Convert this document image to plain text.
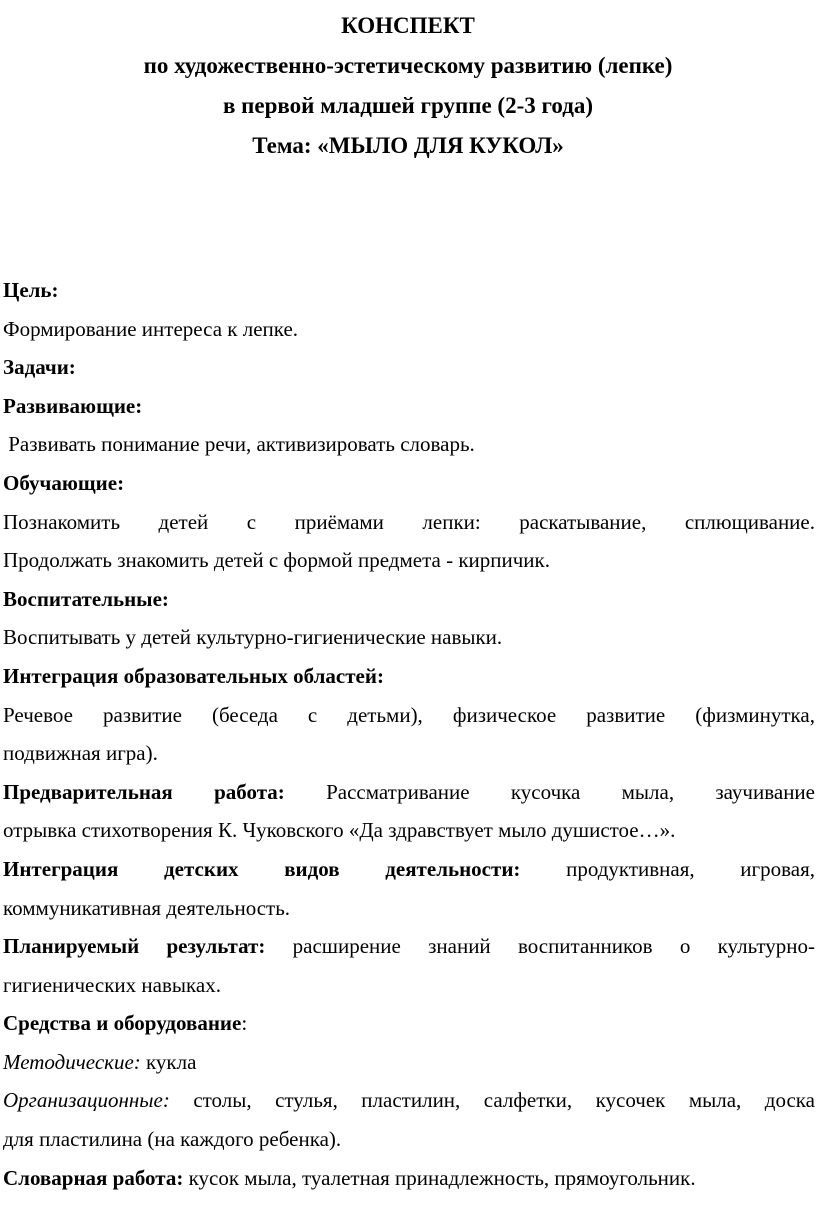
КОНСПЕКТ
по художественно-эстетическому развитию (лепке)
в первой младшей группе (2-3 года)
Тема: «МЫЛО ДЛЯ КУКОЛ»
Цель:
Формирование интереса к лепке.
Задачи:
Развивающие:
Развивать понимание речи, активизировать словарь.
Обучающие:
Познакомить детей с приёмами лепки: раскатывание, сплющивание.
Продолжать знакомить детей с формой предмета - кирпичик.
Воспитательные:
Воспитывать у детей культурно-гигиенические навыки.
Интеграция образовательных областей:
Речевое развитие (беседа с детьми), физическое развитие (физминутка,
подвижная игра).
Предварительная работа: Рассматривание кусочка мыла, заучивание
отрывка стихотворения К. Чуковского «Да здравствует мыло душистое…».
Интеграция детских видов деятельности: продуктивная, игровая,
коммуникативная деятельность.
Планируемый результат: расширение знаний воспитанников о культурно-
гигиенических навыках.
Средства и оборудование:
Методические: кукла
Организационные: столы, стулья, пластилин, салфетки, кусочек мыла, доска
для пластилина (на каждого ребенка).
Словарная работа: кусок мыла, туалетная принадлежность, прямоугольник.
